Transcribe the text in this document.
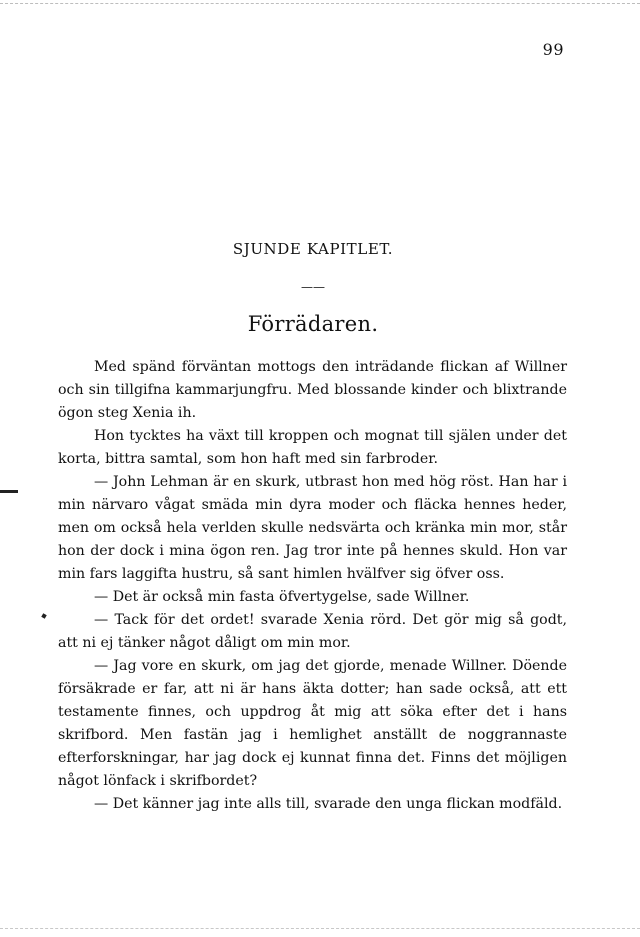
99
SJUNDE KAPITLET.
——
Förrädaren.

Med spänd förväntan mottogs den inträdande flickan af Willner och sin tillgifna kammarjungfru. Med blossande kinder och blixtrande ögon steg Xenia ih.

Hon tycktes ha växt till kroppen och mognat till själen under det korta, bittra samtal, som hon haft med sin farbroder.

— John Lehman är en skurk, utbrast hon med hög röst. Han har i min närvaro vågat smäda min dyra moder och fläcka hennes heder, men om också hela verlden skulle nedsvärta och kränka min mor, står hon der dock i mina ögon ren. Jag tror inte på hennes skuld. Hon var min fars laggifta hustru, så sant himlen hvälfver sig öfver oss.

— Det är också min fasta öfvertygelse, sade Willner.

— Tack för det ordet! svarade Xenia rörd. Det gör mig så godt, att ni ej tänker något dåligt om min mor.

— Jag vore en skurk, om jag det gjorde, menade Willner. Döende försäkrade er far, att ni är hans äkta dotter; han sade också, att ett testamente finnes, och uppdrog åt mig att söka efter det i hans skrifbord. Men fastän jag i hemlighet anställt de noggrannaste efterforskningar, har jag dock ej kunnat finna det. Finns det möjligen något lönfack i skrifbordet?

— Det känner jag inte alls till, svarade den unga flickan modfäld.
